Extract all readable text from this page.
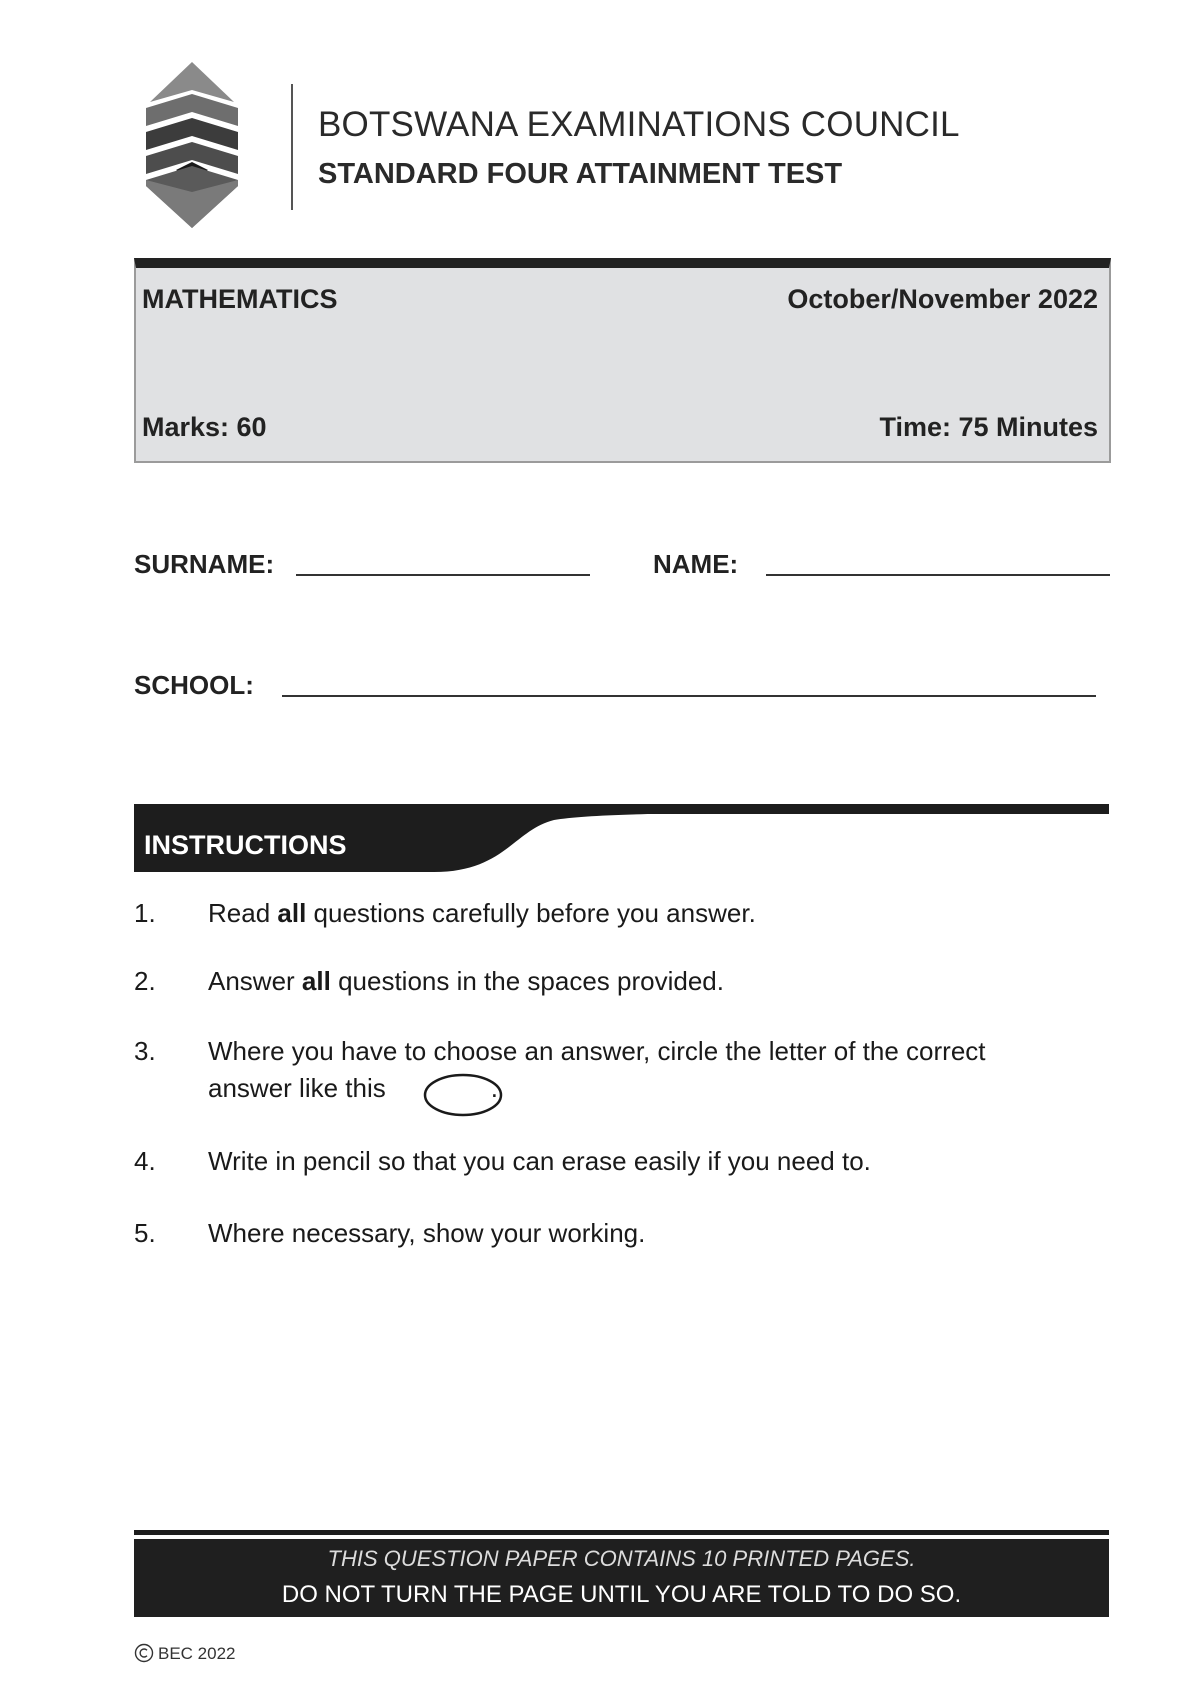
BOTSWANA EXAMINATIONS COUNCIL
STANDARD FOUR ATTAINMENT TEST
MATHEMATICS	October/November 2022
Marks: 60	Time: 75 Minutes
SURNAME:	NAME:
SCHOOL:
INSTRUCTIONS
1. Read all questions carefully before you answer.
2. Answer all questions in the spaces provided.
3. Where you have to choose an answer, circle the letter of the correct
answer like this	.
4. Write in pencil so that you can erase easily if you need to.
5. Where necessary, show your working.
THIS QUESTION PAPER CONTAINS 10 PRINTED PAGES.
DO NOT TURN THE PAGE UNTIL YOU ARE TOLD TO DO SO.
BEC 2022
